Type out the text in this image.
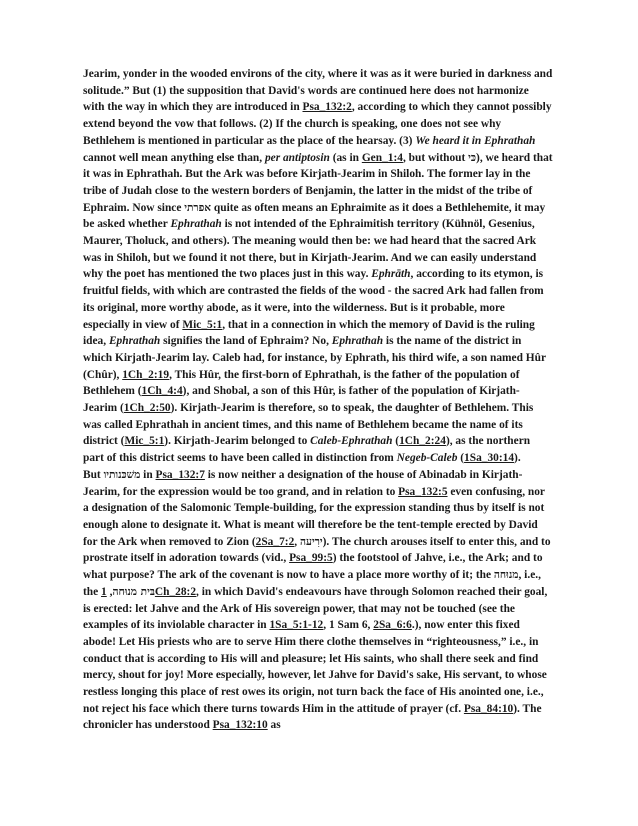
Jearim, yonder in the wooded environs of the city, where it was as it were buried in darkness and solitude.” But (1) the supposition that David's words are continued here does not harmonize with the way in which they are introduced in Psa_132:2, according to which they cannot possibly extend beyond the vow that follows. (2) If the church is speaking, one does not see why Bethlehem is mentioned in particular as the place of the hearsay. (3) We heard it in Ephrathah cannot well mean anything else than, per antiptosin (as in Gen_1:4, but without כּי), we heard that it was in Ephrathah. But the Ark was before Kirjath-Jearim in Shiloh. The former lay in the tribe of Judah close to the western borders of Benjamin, the latter in the midst of the tribe of Ephraim. Now since אפרתי quite as often means an Ephraimite as it does a Bethlehemite, it may be asked whether Ephrathah is not intended of the Ephraimitish territory (Kühnöl, Gesenius, Maurer, Tholuck, and others). The meaning would then be: we had heard that the sacred Ark was in Shiloh, but we found it not there, but in Kirjath-Jearim. And we can easily understand why the poet has mentioned the two places just in this way. Ephrāth, according to its etymon, is fruitful fields, with which are contrasted the fields of the wood - the sacred Ark had fallen from its original, more worthy abode, as it were, into the wilderness. But is it probable, more especially in view of Mic_5:1, that in a connection in which the memory of David is the ruling idea, Ephrathah signifies the land of Ephraim? No, Ephrathah is the name of the district in which Kirjath-Jearim lay. Caleb had, for instance, by Ephrath, his third wife, a son named Hûr (Chûr), 1Ch_2:19, This Hûr, the first-born of Ephrathah, is the father of the population of Bethlehem (1Ch_4:4), and Shobal, a son of this Hûr, is father of the population of Kirjath-Jearim (1Ch_2:50). Kirjath-Jearim is therefore, so to speak, the daughter of Bethlehem. This was called Ephrathah in ancient times, and this name of Bethlehem became the name of its district (Mic_5:1). Kirjath-Jearim belonged to Caleb-Ephrathah (1Ch_2:24), as the northern part of this district seems to have been called in distinction from Negeb-Caleb (1Sa_30:14).

But משׁכּנותיו in Psa_132:7 is now neither a designation of the house of Abinadab in Kirjath-Jearim, for the expression would be too grand, and in relation to Psa_132:5 even confusing, nor a designation of the Salomonic Temple-building, for the expression standing thus by itself is not enough alone to designate it. What is meant will therefore be the tent-temple erected by David for the Ark when removed to Zion (2Sa_7:2, ירִיעה). The church arouses itself to enter this, and to prostrate itself in adoration towards (vid., Psa_99:5) the footstool of Jahve, i.e., the Ark; and to what purpose? The ark of the covenant is now to have a place more worthy of it; the מנוּחה, i.e., the 1 ,בּית מנוּחהCh_28:2, in which David's endeavours have through Solomon reached their goal, is erected: let Jahve and the Ark of His sovereign power, that may not be touched (see the examples of its inviolable character in 1Sa_5:1-12, 1 Sam 6, 2Sa_6:6.), now enter this fixed abode! Let His priests who are to serve Him there clothe themselves in “righteousness,” i.e., in conduct that is according to His will and pleasure; let His saints, who shall there seek and find mercy, shout for joy! More especially, however, let Jahve for David's sake, His servant, to whose restless longing this place of rest owes its origin, not turn back the face of His anointed one, i.e., not reject his face which there turns towards Him in the attitude of prayer (cf. Psa_84:10). The chronicler has understood Psa_132:10 as
